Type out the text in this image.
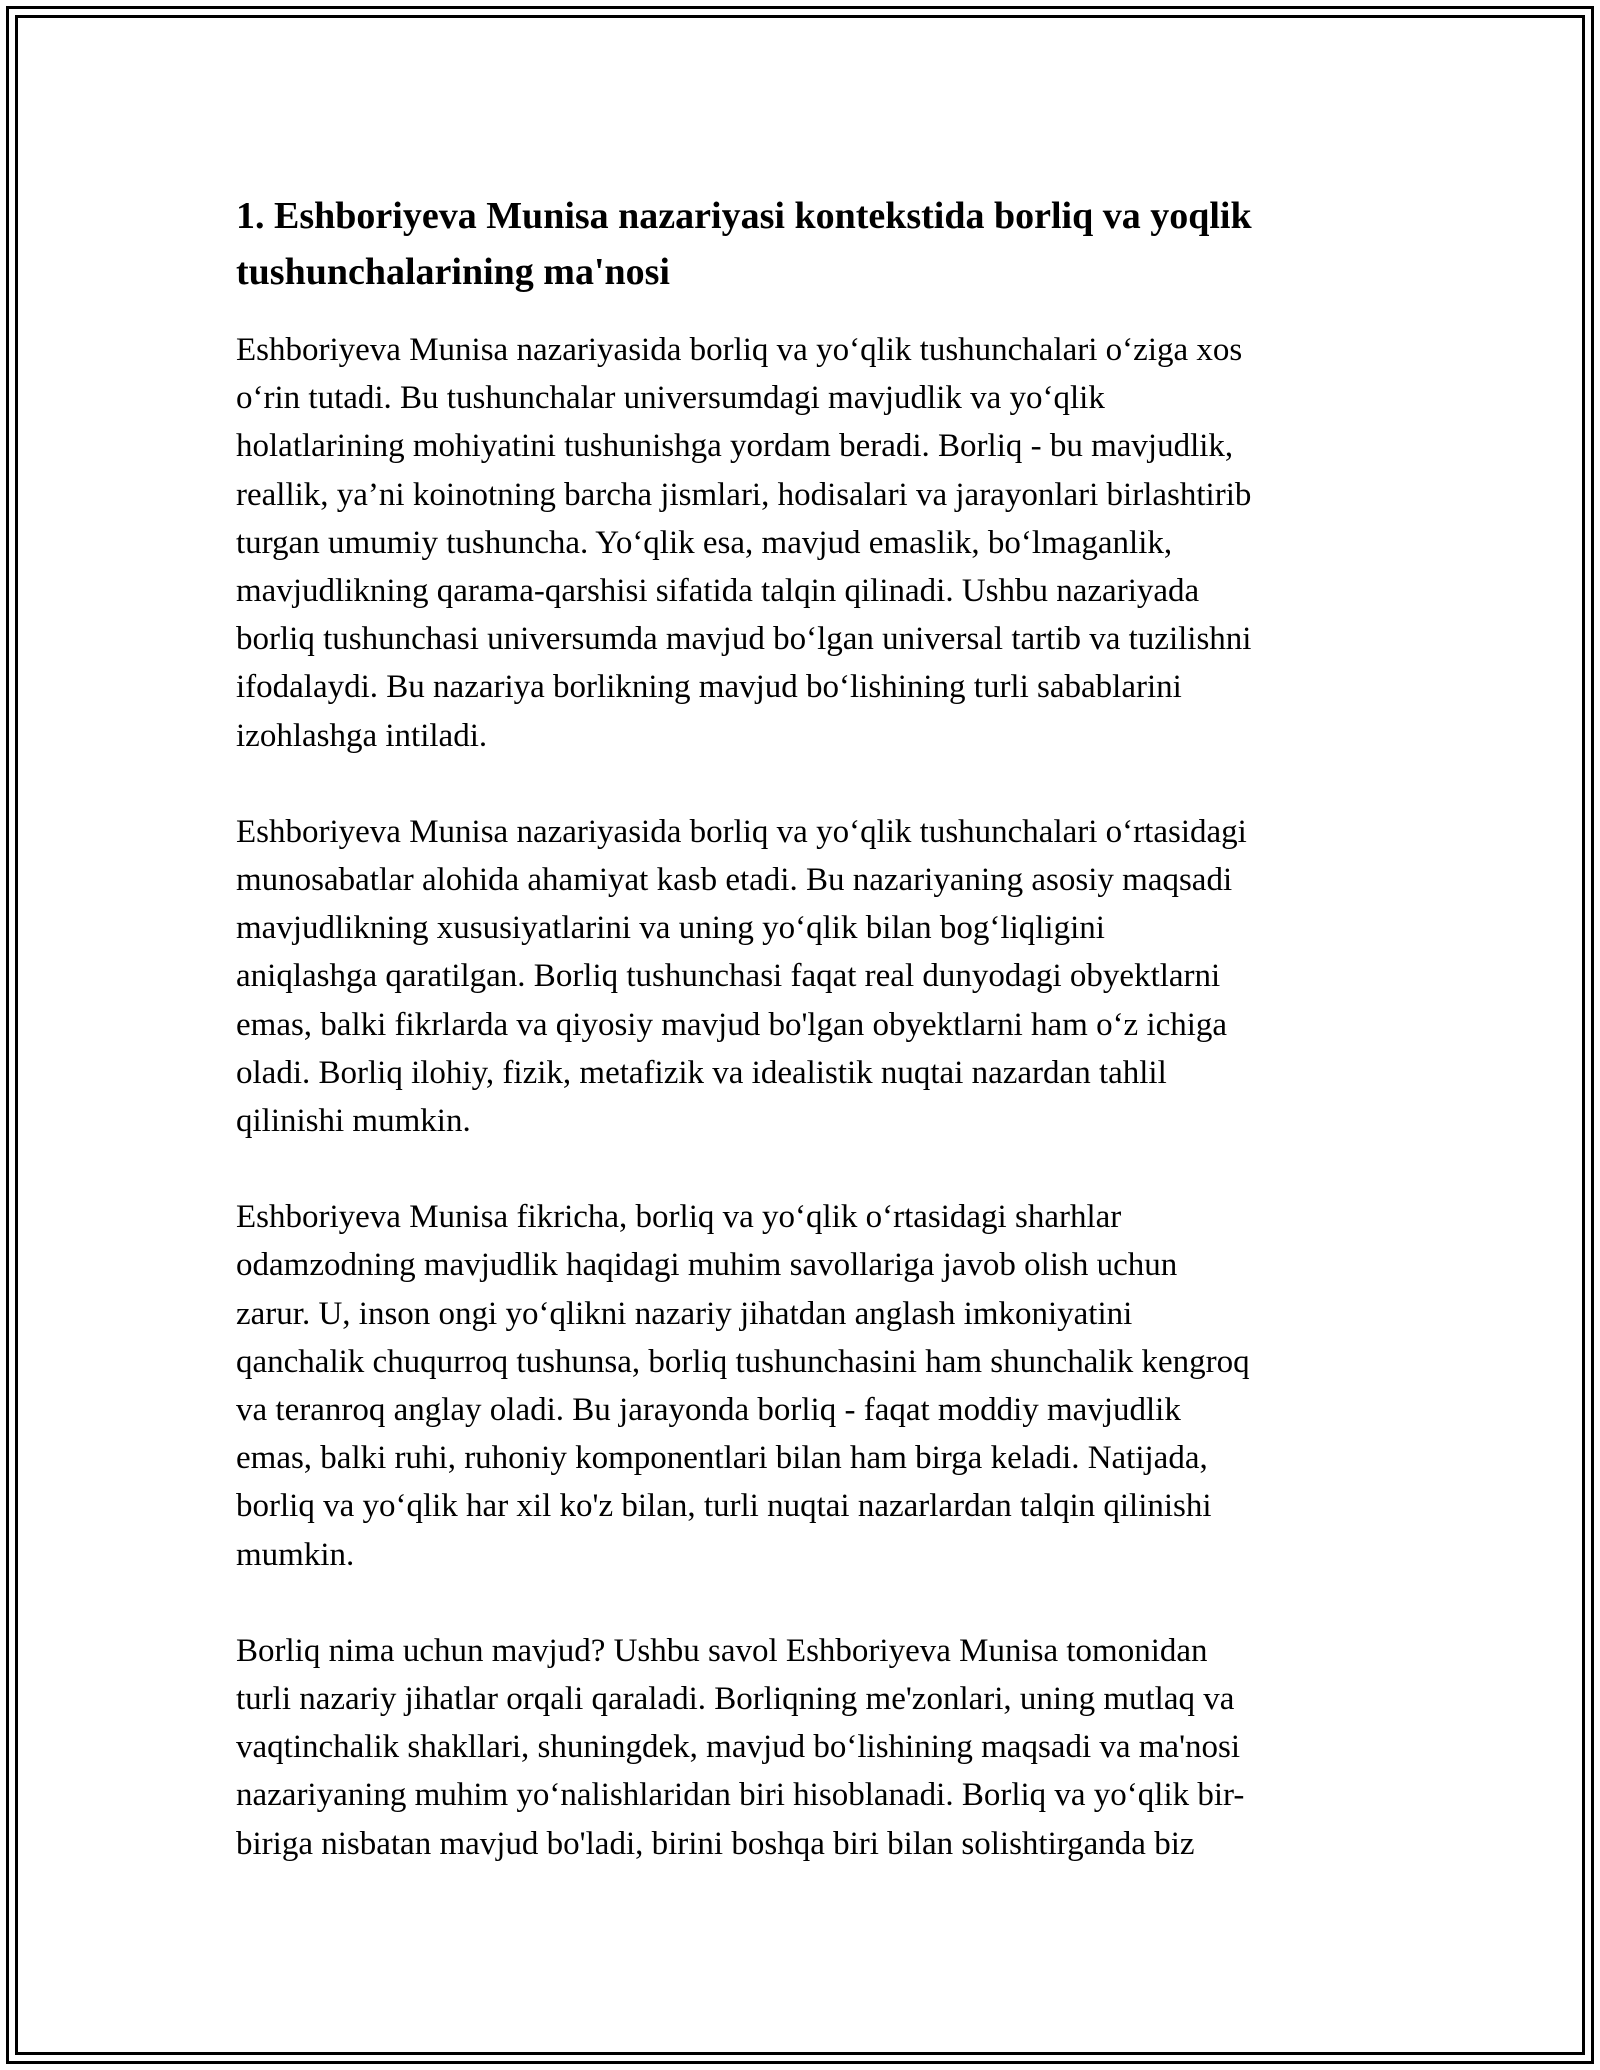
1. Eshboriyeva Munisa nazariyasi kontekstida borliq va yoqlik
tushunchalarining ma'nosi

Eshboriyeva Munisa nazariyasida borliq va yoʻqlik tushunchalari oʻziga xos
oʻrin tutadi. Bu tushunchalar universumdagi mavjudlik va yoʻqlik
holatlarining mohiyatini tushunishga yordam beradi. Borliq - bu mavjudlik,
reallik, ya’ni koinotning barcha jismlari, hodisalari va jarayonlari birlashtirib
turgan umumiy tushuncha. Yoʻqlik esa, mavjud emaslik, boʻlmaganlik,
mavjudlikning qarama-qarshisi sifatida talqin qilinadi. Ushbu nazariyada
borliq tushunchasi universumda mavjud boʻlgan universal tartib va tuzilishni
ifodalaydi. Bu nazariya borlikning mavjud boʻlishining turli sabablarini
izohlashga intiladi.

Eshboriyeva Munisa nazariyasida borliq va yoʻqlik tushunchalari oʻrtasidagi
munosabatlar alohida ahamiyat kasb etadi. Bu nazariyaning asosiy maqsadi
mavjudlikning xususiyatlarini va uning yoʻqlik bilan bogʻliqligini
aniqlashga qaratilgan. Borliq tushunchasi faqat real dunyodagi obyektlarni
emas, balki fikrlarda va qiyosiy mavjud bo'lgan obyektlarni ham oʻz ichiga
oladi. Borliq ilohiy, fizik, metafizik va idealistik nuqtai nazardan tahlil
qilinishi mumkin.

Eshboriyeva Munisa fikricha, borliq va yoʻqlik oʻrtasidagi sharhlar
odamzodning mavjudlik haqidagi muhim savollariga javob olish uchun
zarur. U, inson ongi yoʻqlikni nazariy jihatdan anglash imkoniyatini
qanchalik chuqurroq tushunsa, borliq tushunchasini ham shunchalik kengroq
va teranroq anglay oladi. Bu jarayonda borliq - faqat moddiy mavjudlik
emas, balki ruhi, ruhoniy komponentlari bilan ham birga keladi. Natijada,
borliq va yoʻqlik har xil ko'z bilan, turli nuqtai nazarlardan talqin qilinishi
mumkin.

Borliq nima uchun mavjud? Ushbu savol Eshboriyeva Munisa tomonidan
turli nazariy jihatlar orqali qaraladi. Borliqning me'zonlari, uning mutlaq va
vaqtinchalik shakllari, shuningdek, mavjud boʻlishining maqsadi va ma'nosi
nazariyaning muhim yoʻnalishlaridan biri hisoblanadi. Borliq va yoʻqlik bir-
biriga nisbatan mavjud bo'ladi, birini boshqa biri bilan solishtirganda biz
